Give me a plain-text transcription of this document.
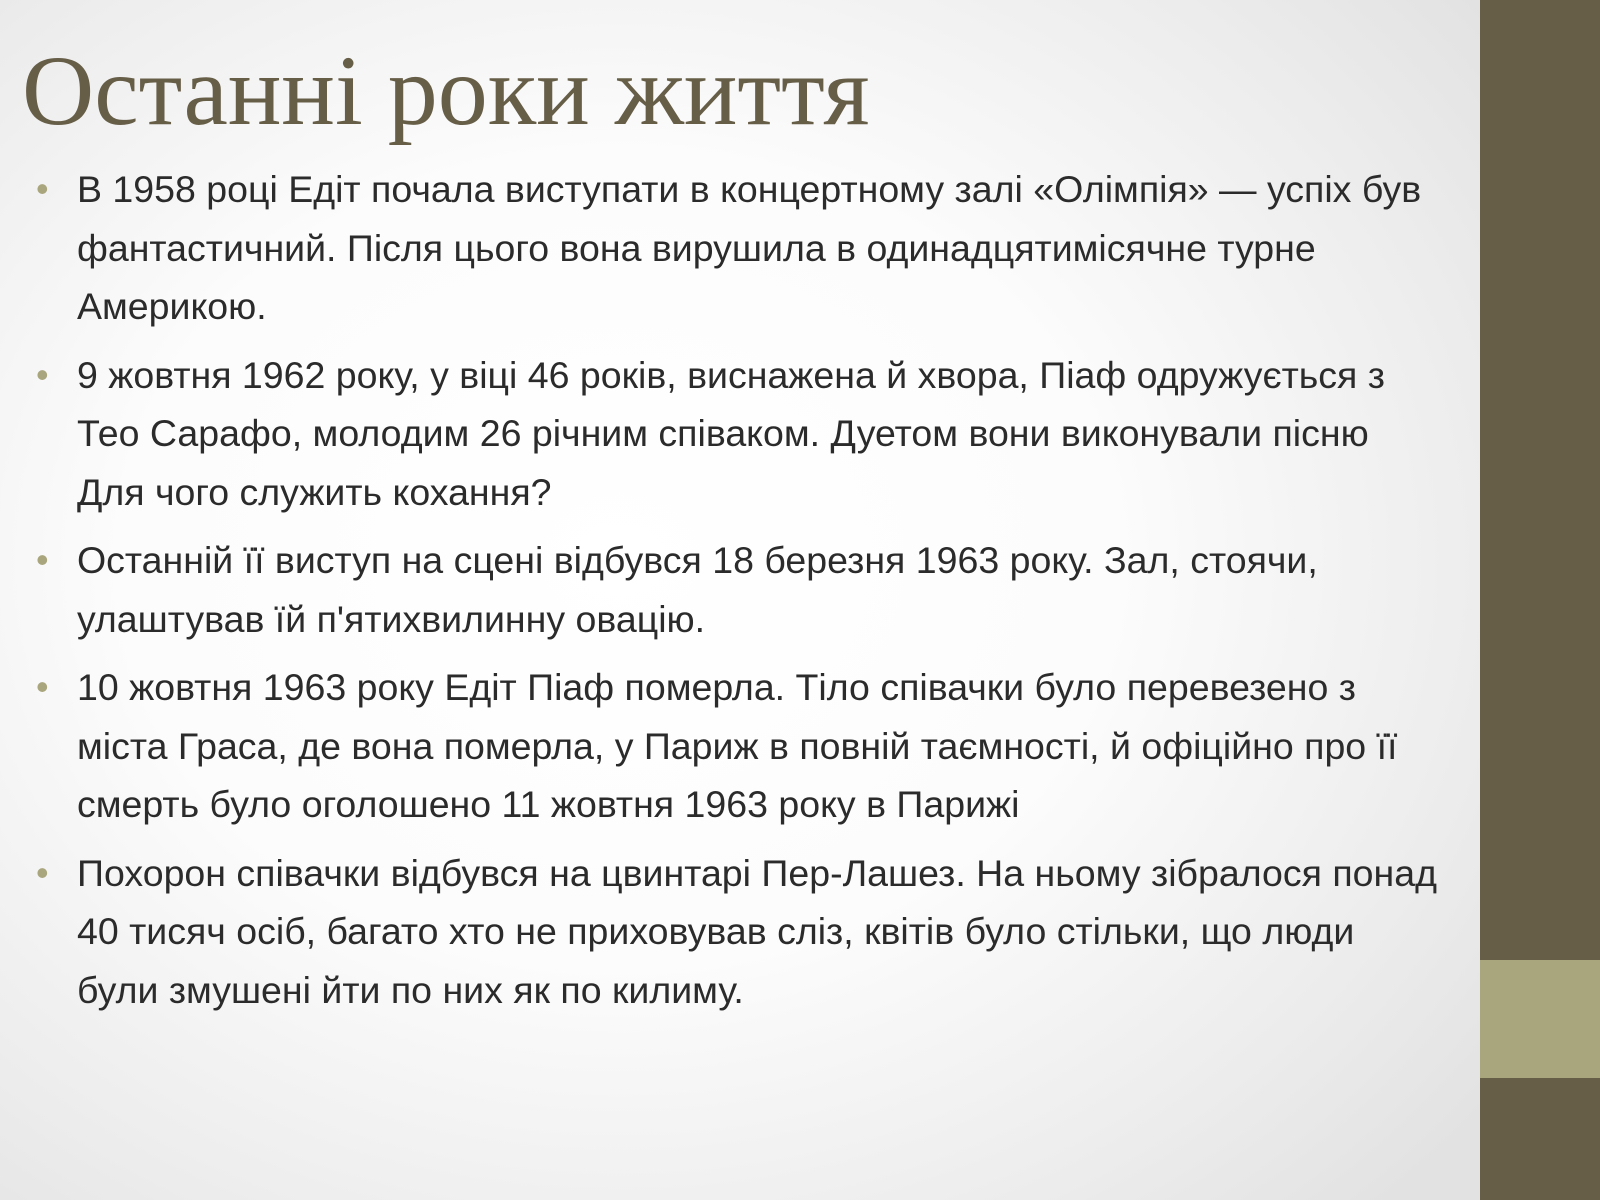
Останні роки життя
• В 1958 році Едіт почала виступати в концертному залі «Олімпія» — успіх був фантастичний. Після цього вона вирушила в одинадцятимісячне турне Америкою.
• 9 жовтня 1962 року, у віці 46 років, виснажена й хвора, Піаф одружується з Тео Сарафо, молодим 26 річним співаком. Дуетом вони виконували пісню Для чого служить кохання?
• Останній її виступ на сцені відбувся 18 березня 1963 року. Зал, стоячи, улаштував їй п'ятихвилинну овацію.
• 10 жовтня 1963 року Едіт Піаф померла. Тіло співачки було перевезено з міста Граса, де вона померла, у Париж в повній таємності, й офіційно про її смерть було оголошено 11 жовтня 1963 року в Парижі
• Похорон співачки відбувся на цвинтарі Пер-Лашез. На ньому зібралося понад 40 тисяч осіб, багато хто не приховував сліз, квітів було стільки, що люди були змушені йти по них як по килиму.
